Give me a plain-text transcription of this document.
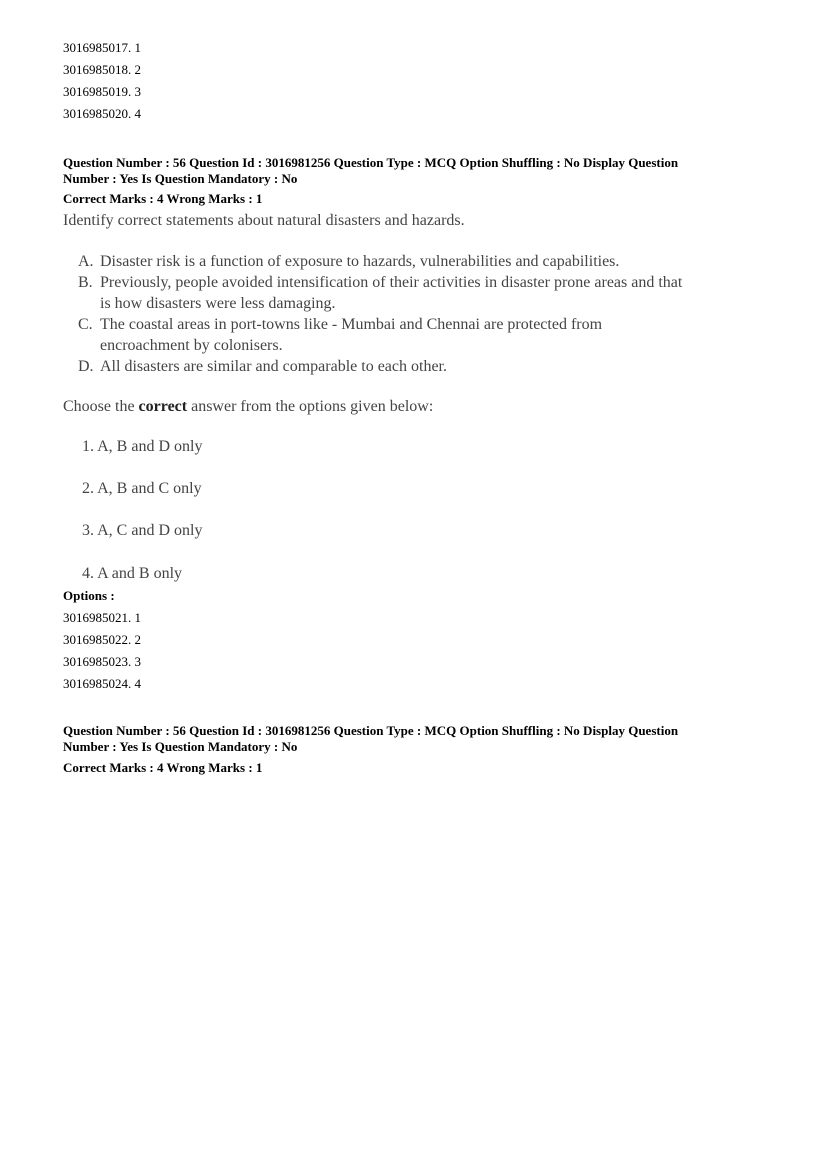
3016985017. 1
3016985018. 2
3016985019. 3
3016985020. 4
Question Number : 56 Question Id : 3016981256 Question Type : MCQ Option Shuffling : No Display Question
Number : Yes Is Question Mandatory : No
Correct Marks : 4 Wrong Marks : 1
Identify correct statements about natural disasters and hazards.
A. Disaster risk is a function of exposure to hazards, vulnerabilities and capabilities.
B. Previously, people avoided intensification of their activities in disaster prone areas and that
is how disasters were less damaging.
C. The coastal areas in port-towns like - Mumbai and Chennai are protected from
encroachment by colonisers.
D. All disasters are similar and comparable to each other.
Choose the correct answer from the options given below:
1. A, B and D only
2. A, B and C only
3. A, C and D only
4. A and B only
Options :
3016985021. 1
3016985022. 2
3016985023. 3
3016985024. 4
Question Number : 56 Question Id : 3016981256 Question Type : MCQ Option Shuffling : No Display Question
Number : Yes Is Question Mandatory : No
Correct Marks : 4 Wrong Marks : 1
